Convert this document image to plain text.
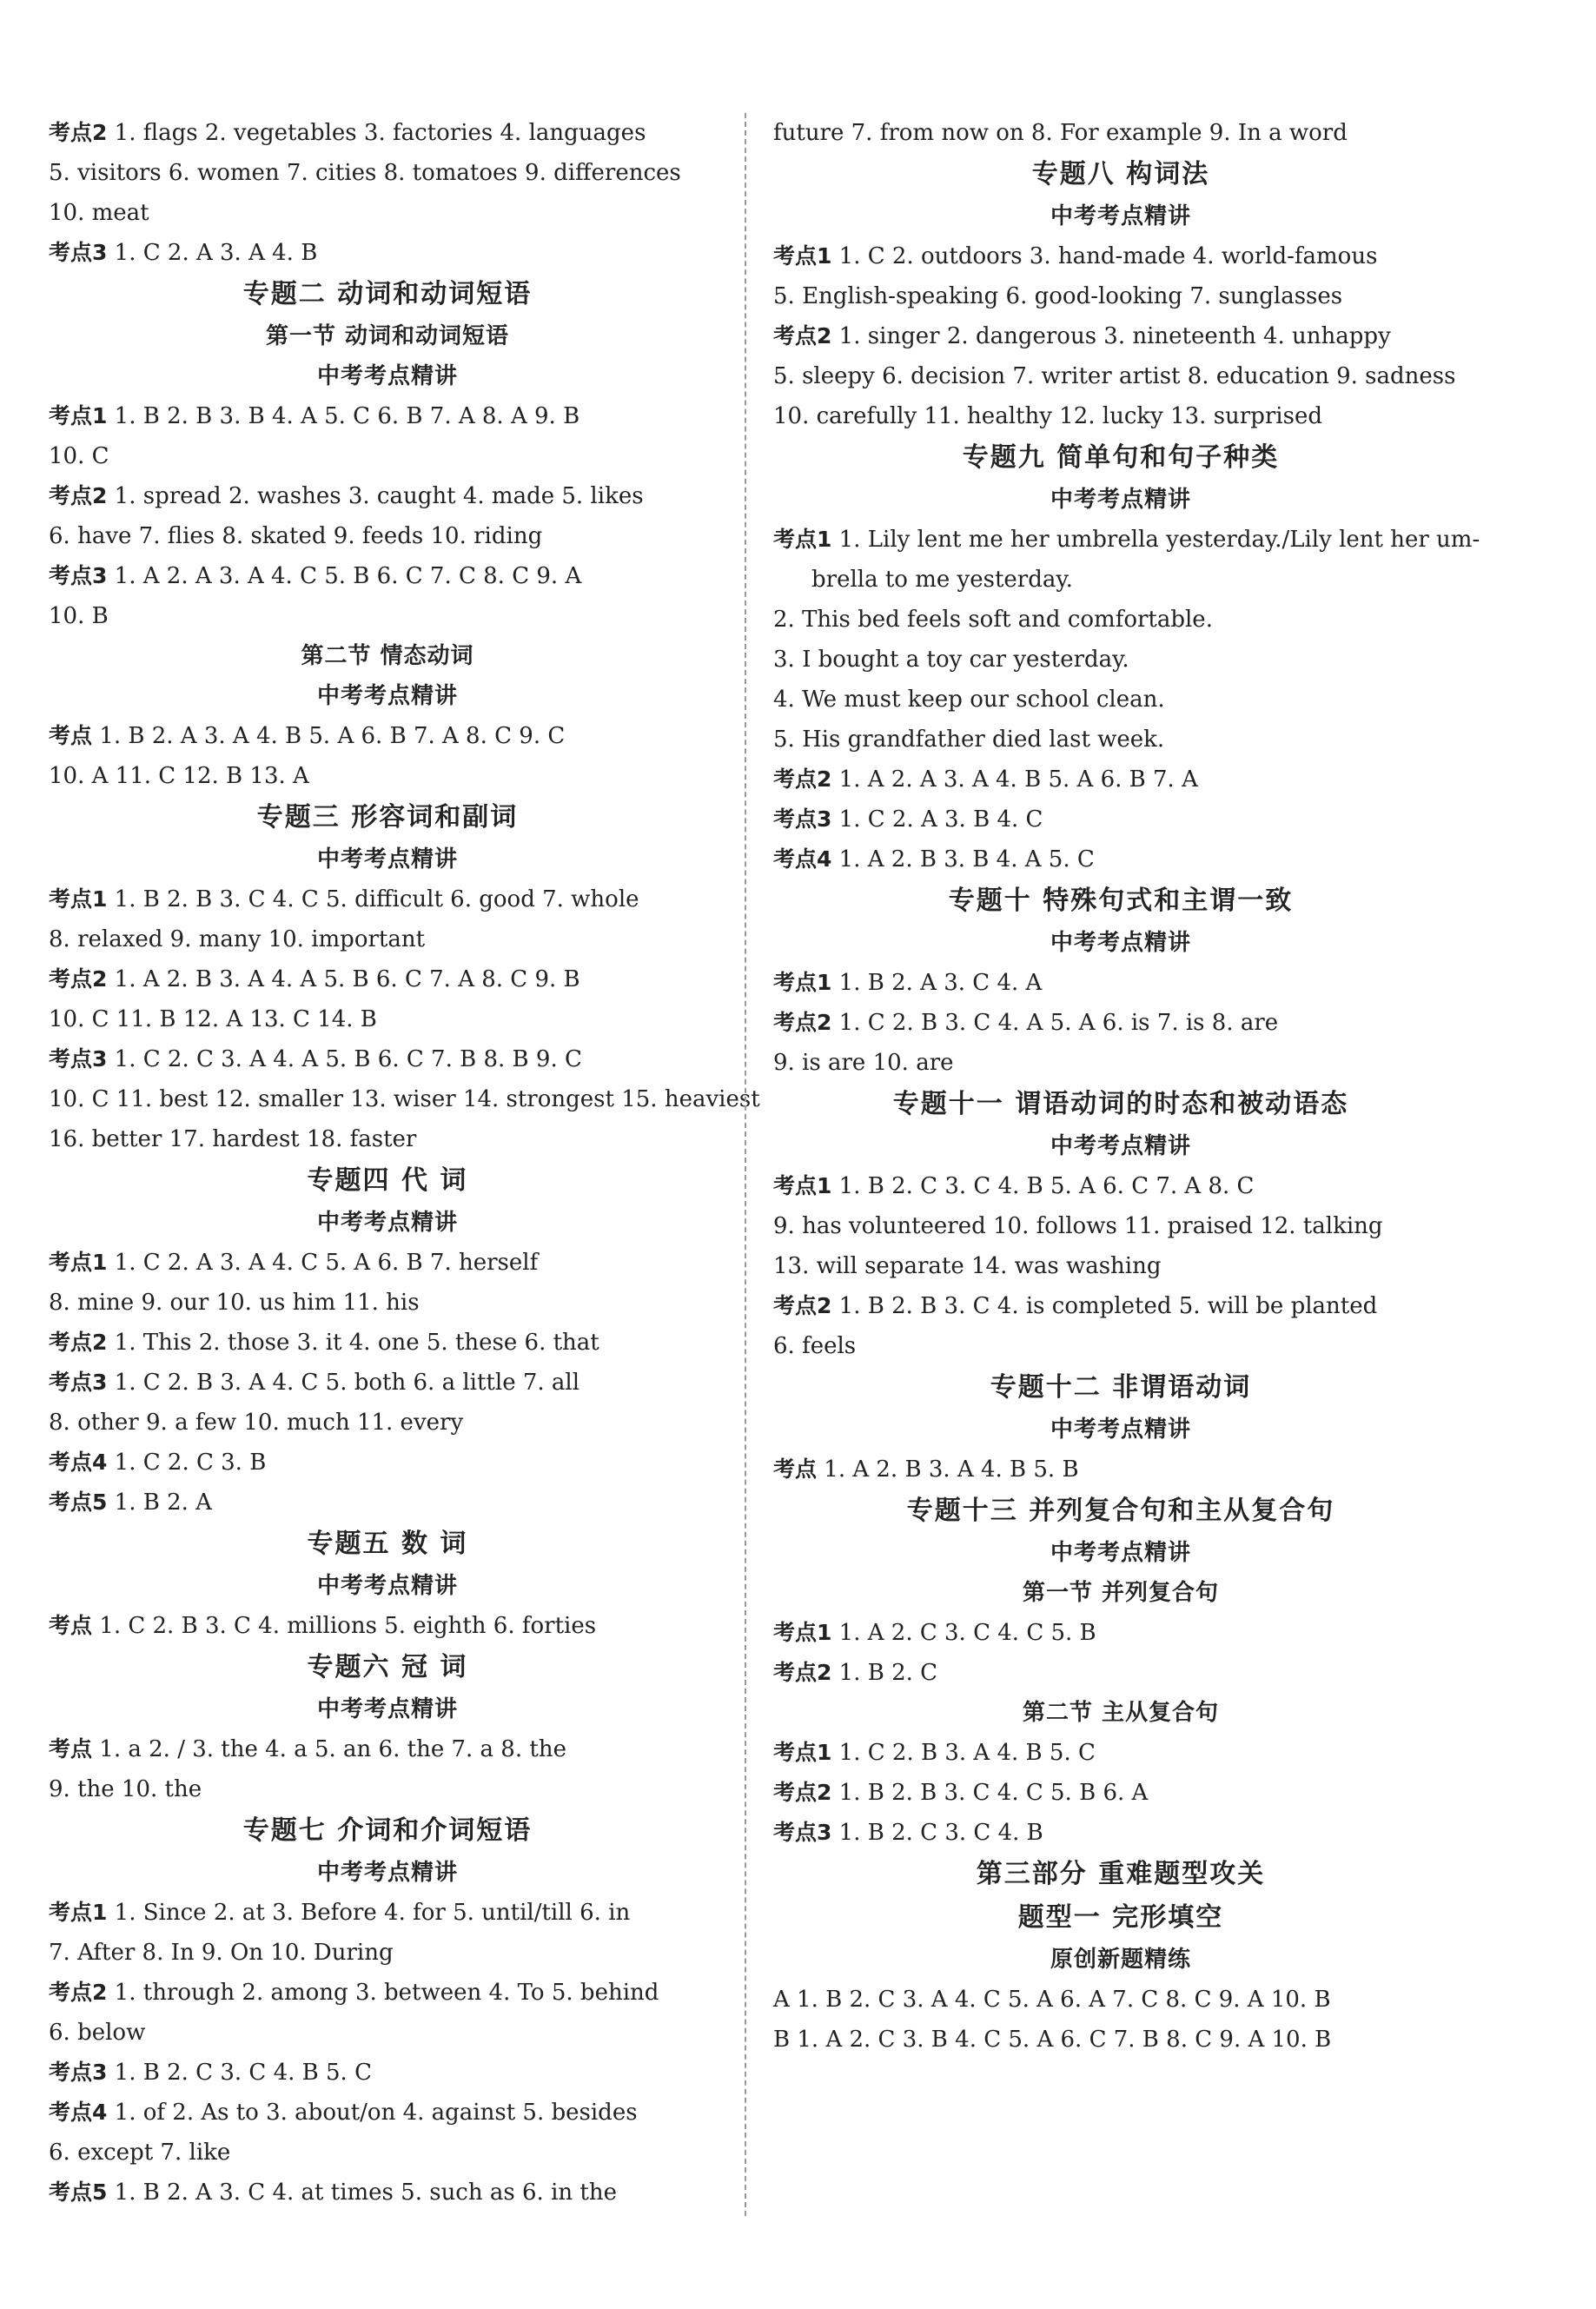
考点2 1. flags 2. vegetables 3. factories 4. languages
5. visitors 6. women 7. cities 8. tomatoes 9. differences
10. meat
考点3 1. C 2. A 3. A 4. B
专题二 动词和动词短语
第一节 动词和动词短语
中考考点精讲
考点1 1. B 2. B 3. B 4. A 5. C 6. B 7. A 8. A 9. B
10. C
考点2 1. spread 2. washes 3. caught 4. made 5. likes
6. have 7. flies 8. skated 9. feeds 10. riding
考点3 1. A 2. A 3. A 4. C 5. B 6. C 7. C 8. C 9. A
10. B
第二节 情态动词
中考考点精讲
考点 1. B 2. A 3. A 4. B 5. A 6. B 7. A 8. C 9. C
10. A 11. C 12. B 13. A
专题三 形容词和副词
中考考点精讲
考点1 1. B 2. B 3. C 4. C 5. difficult 6. good 7. whole
8. relaxed 9. many 10. important
考点2 1. A 2. B 3. A 4. A 5. B 6. C 7. A 8. C 9. B
10. C 11. B 12. A 13. C 14. B
考点3 1. C 2. C 3. A 4. A 5. B 6. C 7. B 8. B 9. C
10. C 11. best 12. smaller 13. wiser 14. strongest 15. heaviest
16. better 17. hardest 18. faster
专题四 代 词
中考考点精讲
考点1 1. C 2. A 3. A 4. C 5. A 6. B 7. herself
8. mine 9. our 10. us him 11. his
考点2 1. This 2. those 3. it 4. one 5. these 6. that
考点3 1. C 2. B 3. A 4. C 5. both 6. a little 7. all
8. other 9. a few 10. much 11. every
考点4 1. C 2. C 3. B
考点5 1. B 2. A
专题五 数 词
中考考点精讲
考点 1. C 2. B 3. C 4. millions 5. eighth 6. forties
专题六 冠 词
中考考点精讲
考点 1. a 2. / 3. the 4. a 5. an 6. the 7. a 8. the
9. the 10. the
专题七 介词和介词短语
中考考点精讲
考点1 1. Since 2. at 3. Before 4. for 5. until/till 6. in
7. After 8. In 9. On 10. During
考点2 1. through 2. among 3. between 4. To 5. behind
6. below
考点3 1. B 2. C 3. C 4. B 5. C
考点4 1. of 2. As to 3. about/on 4. against 5. besides
6. except 7. like
考点5 1. B 2. A 3. C 4. at times 5. such as 6. in the
future 7. from now on 8. For example 9. In a word
专题八 构词法
中考考点精讲
考点1 1. C 2. outdoors 3. hand-made 4. world-famous
5. English-speaking 6. good-looking 7. sunglasses
考点2 1. singer 2. dangerous 3. nineteenth 4. unhappy
5. sleepy 6. decision 7. writer artist 8. education 9. sadness
10. carefully 11. healthy 12. lucky 13. surprised
专题九 简单句和句子种类
中考考点精讲
考点1 1. Lily lent me her umbrella yesterday./Lily lent her um-
brella to me yesterday.
2. This bed feels soft and comfortable.
3. I bought a toy car yesterday.
4. We must keep our school clean.
5. His grandfather died last week.
考点2 1. A 2. A 3. A 4. B 5. A 6. B 7. A
考点3 1. C 2. A 3. B 4. C
考点4 1. A 2. B 3. B 4. A 5. C
专题十 特殊句式和主谓一致
中考考点精讲
考点1 1. B 2. A 3. C 4. A
考点2 1. C 2. B 3. C 4. A 5. A 6. is 7. is 8. are
9. is are 10. are
专题十一 谓语动词的时态和被动语态
中考考点精讲
考点1 1. B 2. C 3. C 4. B 5. A 6. C 7. A 8. C
9. has volunteered 10. follows 11. praised 12. talking
13. will separate 14. was washing
考点2 1. B 2. B 3. C 4. is completed 5. will be planted
6. feels
专题十二 非谓语动词
中考考点精讲
考点 1. A 2. B 3. A 4. B 5. B
专题十三 并列复合句和主从复合句
中考考点精讲
第一节 并列复合句
考点1 1. A 2. C 3. C 4. C 5. B
考点2 1. B 2. C
第二节 主从复合句
考点1 1. C 2. B 3. A 4. B 5. C
考点2 1. B 2. B 3. C 4. C 5. B 6. A
考点3 1. B 2. C 3. C 4. B
第三部分 重难题型攻关
题型一 完形填空
原创新题精练
A 1. B 2. C 3. A 4. C 5. A 6. A 7. C 8. C 9. A 10. B
B 1. A 2. C 3. B 4. C 5. A 6. C 7. B 8. C 9. A 10. B
